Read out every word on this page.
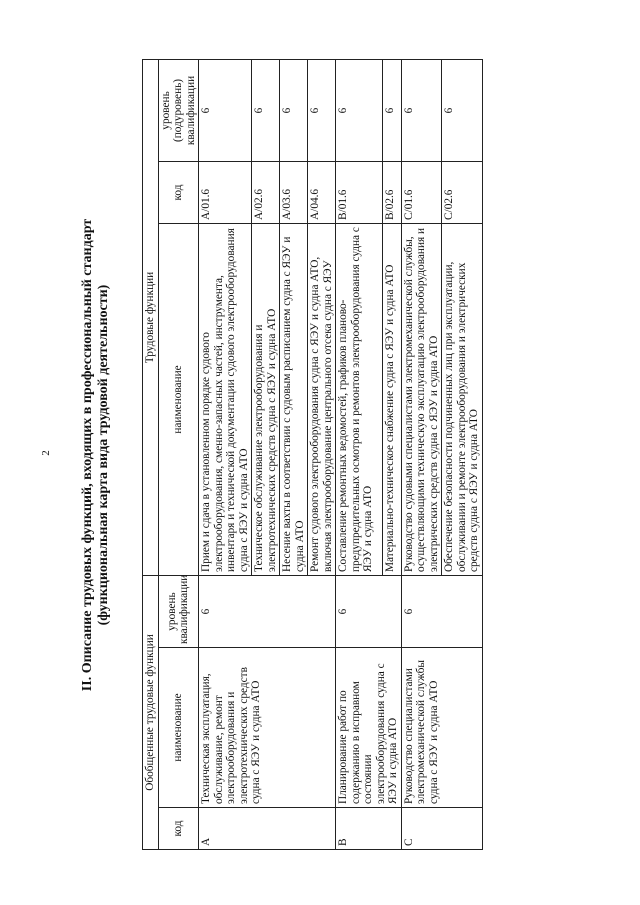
2 II. Описание трудовых функций, входящих в профессиональный стандарт (функциональная карта вида трудовой деятельности)
Обобщенные трудовые функции			Трудовые функции		
код	наименование	уровень квалификации	наименование	код	уровень (подуровень) квалификации
A	Техническая эксплуатация, обслуживание, ремонт электрооборудования и электротехнических средств судна с ЯЭУ и судна АТО	6	Прием и сдача в установленном порядке судового электрооборудования, сменно-запасных частей, инструмента, инвентаря и технической документации судового электрооборудования судна с ЯЭУ и судна АТО	A/01.6	6
			Техническое обслуживание электрооборудования и электротехнических средств судна с ЯЭУ и судна АТО	A/02.6	6
			Несение вахты в соответствии с судовым расписанием судна с ЯЭУ и судна АТО	A/03.6	6
			Ремонт судового электрооборудования судна с ЯЭУ и судна АТО, включая электрооборудование центрального отсека судна с ЯЭУ	A/04.6	6
B	Планирование работ по содержанию в исправном состоянии электрооборудования судна с ЯЭУ и судна АТО	6	Составление ремонтных ведомостей, графиков планово-предупредительных осмотров и ремонтов электрооборудования судна с ЯЭУ и судна АТО	B/01.6	6
			Материально-техническое снабжение судна с ЯЭУ и судна АТО	B/02.6	6
C	Руководство специалистами электромеханической службы судна с ЯЭУ и судна АТО	6	Руководство судовыми специалистами электромеханической службы, осуществляющими техническую эксплуатацию электрооборудования и электрических средств судна с ЯЭУ и судна АТО	C/01.6	6
			Обеспечение безопасности подчиненных лиц при эксплуатации, обслуживании и ремонте электрооборудования и электрических средств судна с ЯЭУ и судна АТО	C/02.6	6
